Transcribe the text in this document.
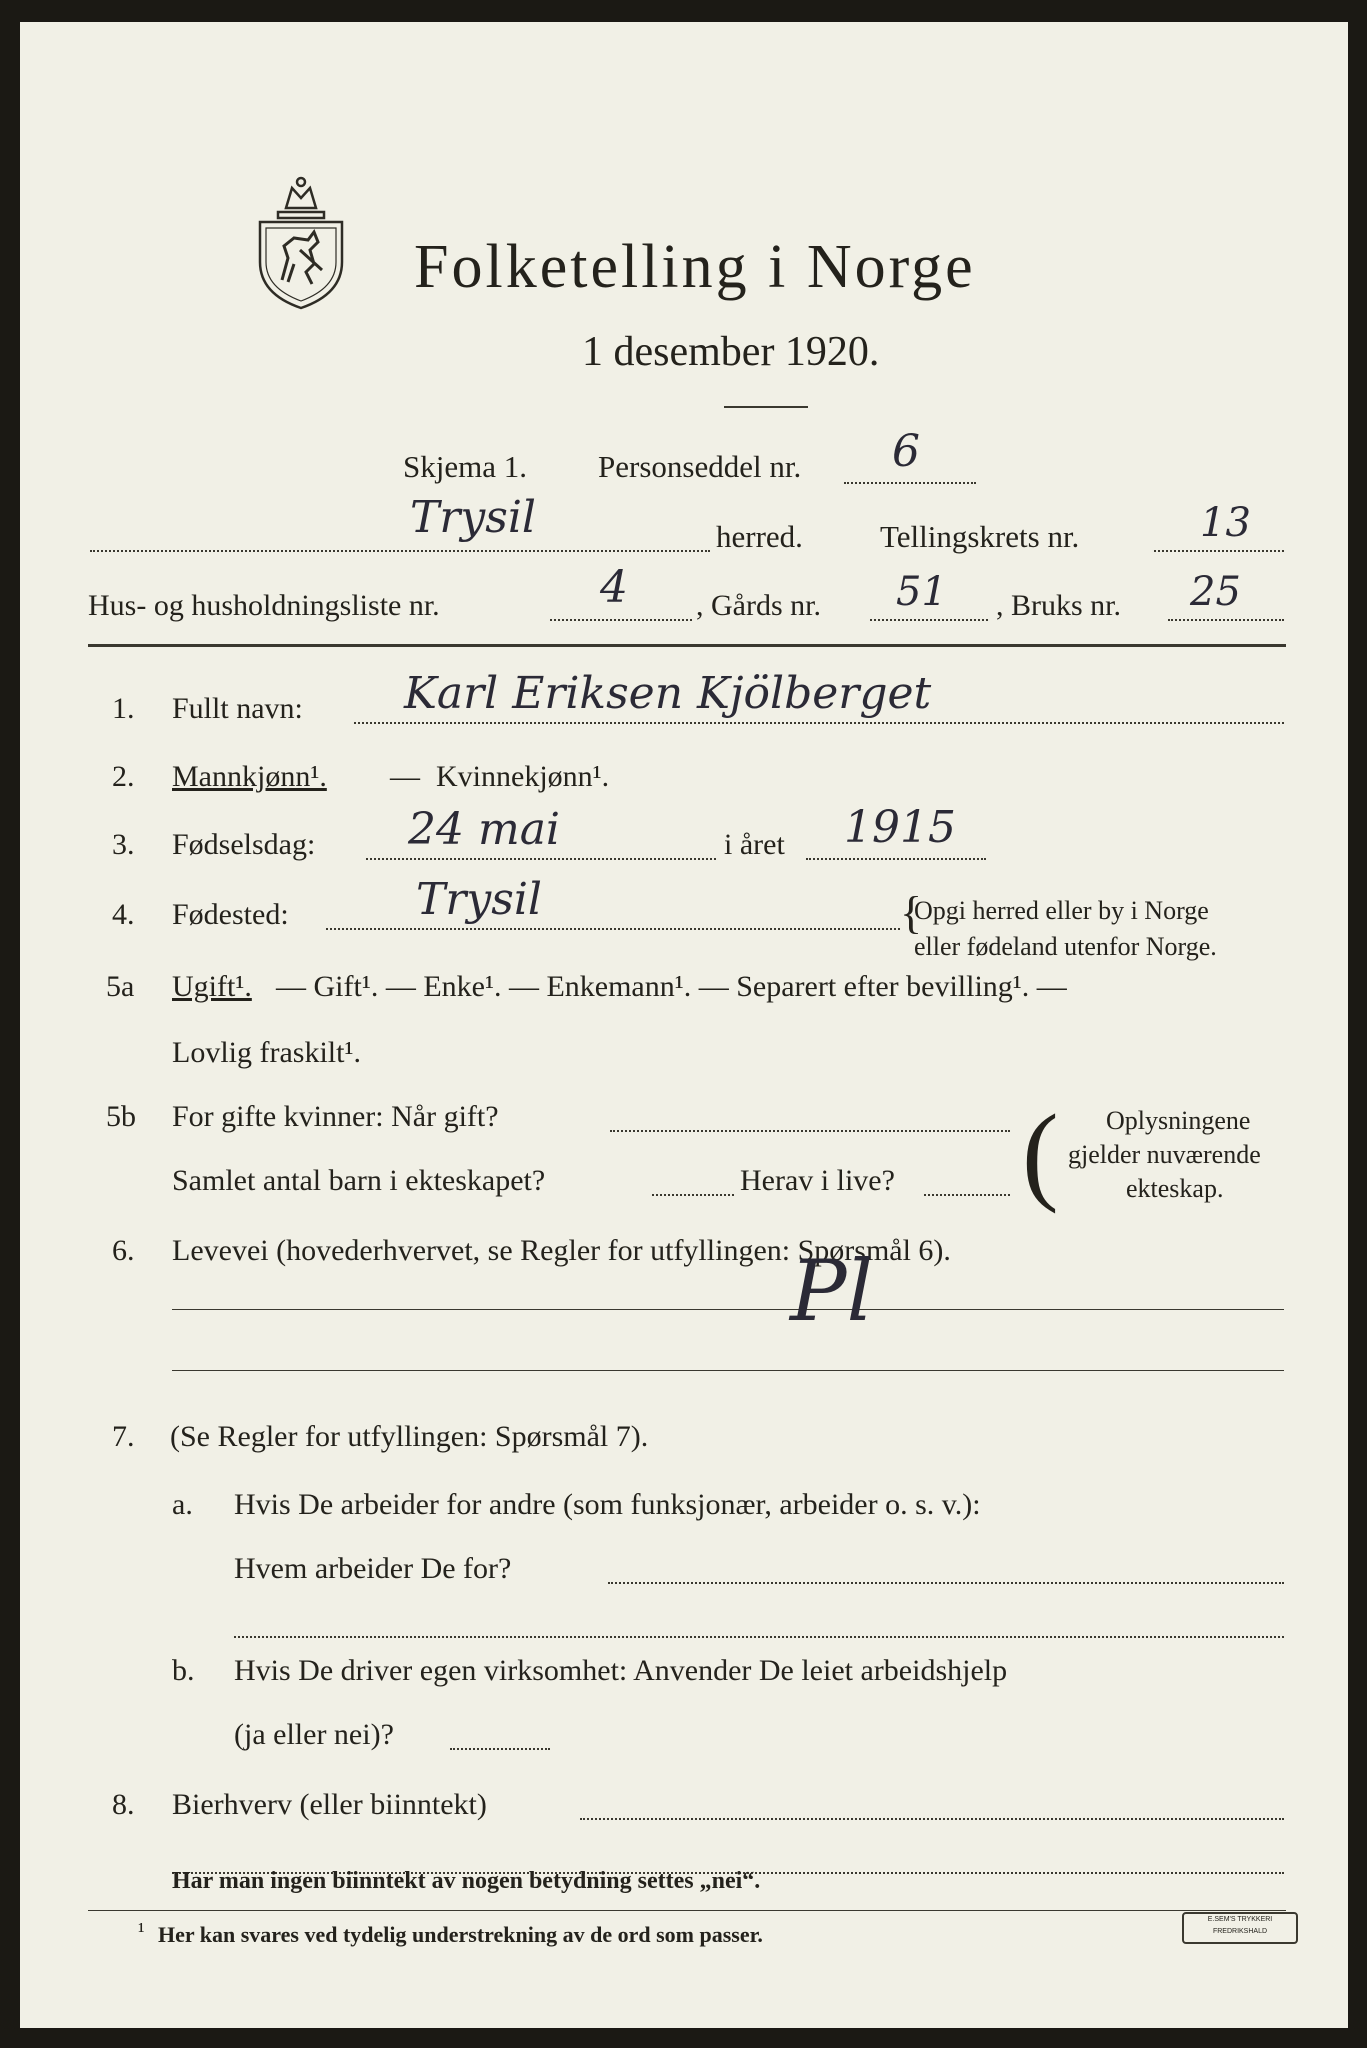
Folketelling i Norge
1 desember 1920.
Skjema 1. Personseddel nr. 6
Trysil	herred. Tellingskrets nr.	13
Hus- og husholdningsliste nr.	4 , Gårds nr. 51 , Bruks nr. 25
1. Fullt navn: Karl Eriksen Kjölberget
2. Mannkjønn¹. — Kvinnekjønn¹.
3. Fødselsdag: 24 mai	i året 1915
4. Fødested:	Trysil	{
Opgi herred eller by i Norge
eller fødeland utenfor Norge.
5a Ugift¹. — Gift¹. — Enke¹. — Enkemann¹. — Separert efter bevilling¹. —
Lovlig fraskilt¹.
5b For gifte kvinner: Når gift?
Samlet antal barn i ekteskapet?	Herav i live? ( Oplysningene
gjelder nuværende
ekteskap.
6. Levevei (hovederhvervet, se Regler for utfyllingen: Spørsmål 6).
Pl
7. (Se Regler for utfyllingen: Spørsmål 7).
a. Hvis De arbeider for andre (som funksjonær, arbeider o. s. v.):
Hvem arbeider De for?
b. Hvis De driver egen virksomhet: Anvender De leiet arbeidshjelp
(ja eller nei)?
8. Bierhverv (eller biinntekt)
Har man ingen biinntekt av nogen betydning settes „nei“.
¹ Her kan svares ved tydelig understrekning av de ord som passer.
E.SEM'S TRYKKERI
FREDRIKSHALD
